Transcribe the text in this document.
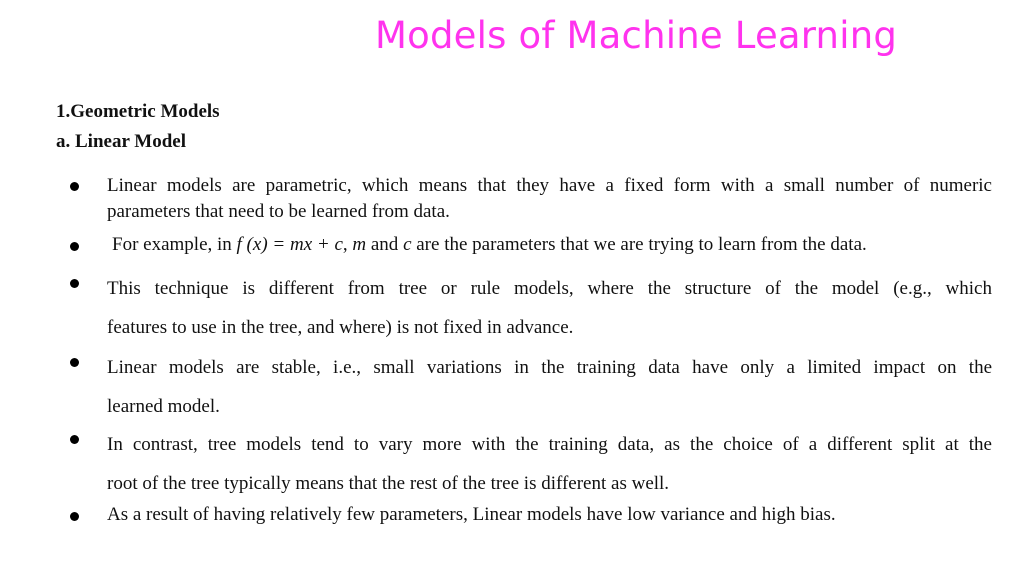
Models of Machine Learning
1.Geometric Models
a. Linear Model
Linear models are parametric, which means that they have a fixed form with a small number of numeric
parameters that need to be learned from data.
For example, in f (x) = mx + c, m and c are the parameters that we are trying to learn from the data.
This technique is different from tree or rule models, where the structure of the model (e.g., which
features to use in the tree, and where) is not fixed in advance.
Linear models are stable, i.e., small variations in the training data have only a limited impact on the
learned model.
In contrast, tree models tend to vary more with the training data, as the choice of a different split at the
root of the tree typically means that the rest of the tree is different as well.
As a result of having relatively few parameters, Linear models have low variance and high bias.
